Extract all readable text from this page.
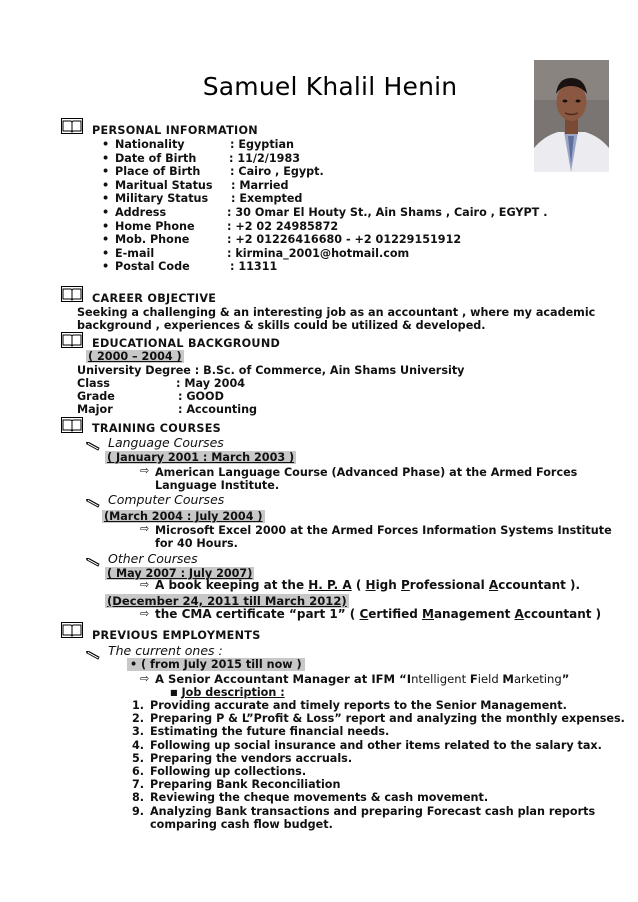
Samuel Khalil Henin
PERSONAL INFORMATION
Nationality	: Egyptian
Date of Birth	: 11/2/1983
Place of Birth	: Cairo , Egypt.
Maritual Status : Married
Military Status : Exempted
Address	: 30 Omar El Houty St., Ain Shams , Cairo , EGYPT .
Home Phone	: +2 02 24985872
Mob. Phone	: +2 01226416680 - +2 01229151912
E-mail	: kirmina_2001@hotmail.com
Postal Code	: 11311
CAREER OBJECTIVE
Seeking a challenging & an interesting job as an accountant , where my academic
background , experiences & skills could be utilized & developed.
EDUCATIONAL BACKGROUND
( 2000 – 2004 )
University Degree : B.Sc. of Commerce, Ain Shams University
Class	: May 2004
Grade	: GOOD
Major	: Accounting
TRAINING COURSES
Language Courses
( January 2001 : March 2003 )
⇨ American Language Course (Advanced Phase) at the Armed Forces
Language Institute.
Computer Courses
(March 2004 : July 2004 )
⇨ Microsoft Excel 2000 at the Armed Forces Information Systems Institute
for 40 Hours.
Other Courses
( May 2007 : July 2007)
⇨ A book keeping at the H. P. A ( High Professional Accountant ).
(December 24, 2011 till March 2012)
⇨ the CMA certificate “part 1” ( Certified Management Accountant )
PREVIOUS EMPLOYMENTS
The current ones :
• ( from July 2015 till now )
⇨ A Senior Accountant Manager at IFM “Intelligent Field Marketing”
■ Job description :
1. Providing accurate and timely reports to the Senior Management.
2. Preparing P & L”Profit & Loss” report and analyzing the monthly expenses.
3. Estimating the future financial needs.
4. Following up social insurance and other items related to the salary tax.
5. Preparing the vendors accruals.
6. Following up collections.
7. Preparing Bank Reconciliation
8. Reviewing the cheque movements & cash movement.
9. Analyzing Bank transactions and preparing Forecast cash plan reports
comparing cash flow budget.
